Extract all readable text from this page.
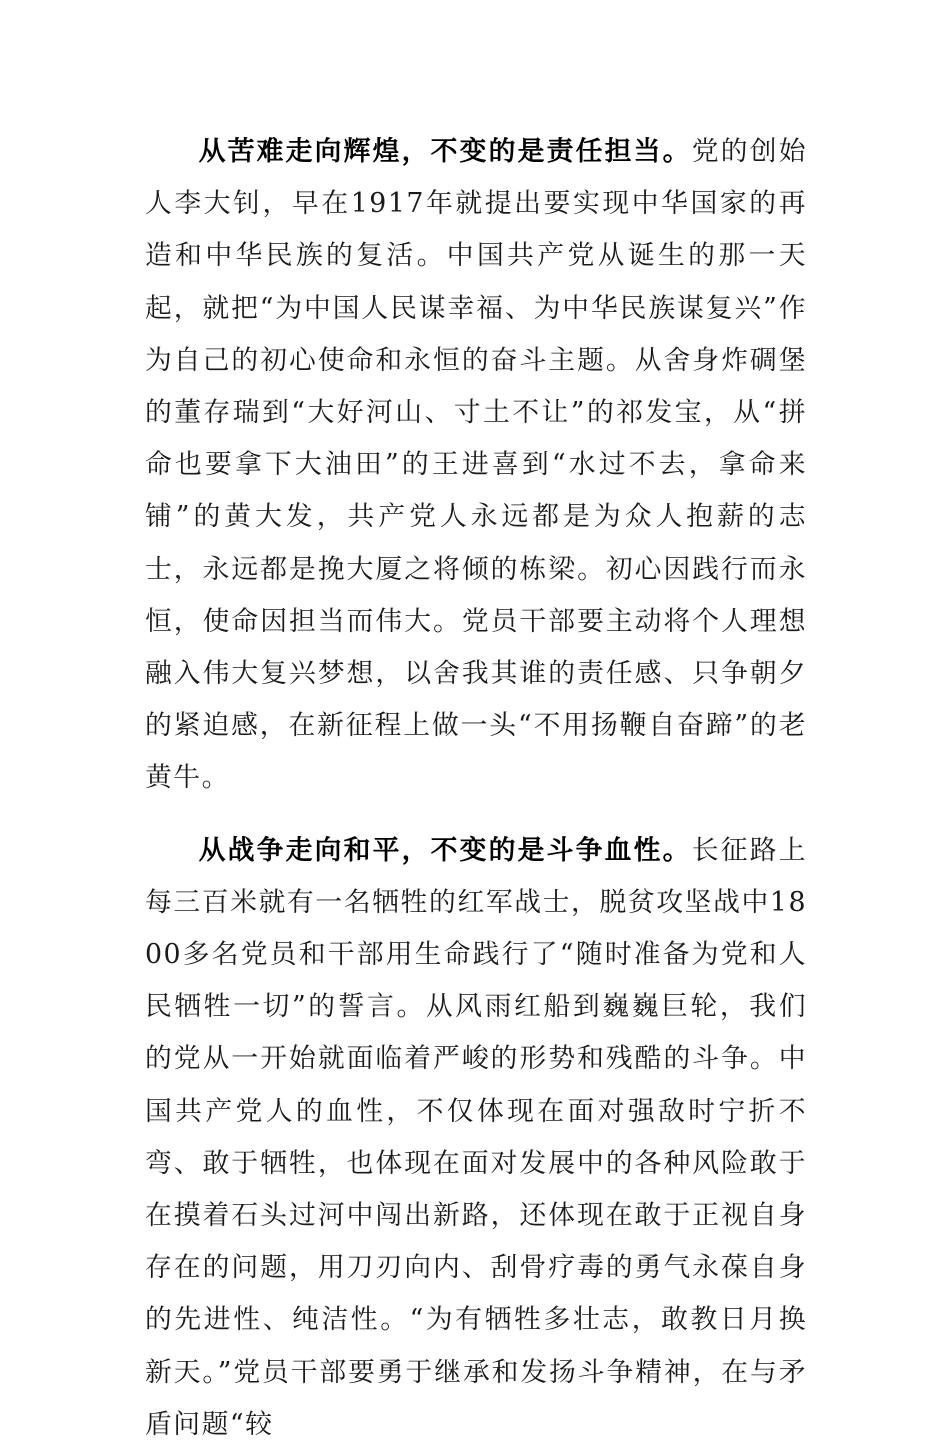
从苦难走向辉煌，不变的是责任担当。党的创始人李大钊，早在1917年就提出要实现中华国家的再造和中华民族的复活。中国共产党从诞生的那一天起，就把“为中国人民谋幸福、为中华民族谋复兴”作为自己的初心使命和永恒的奋斗主题。从舍身炸碉堡的董存瑞到“大好河山、寸土不让”的祁发宝，从“拼命也要拿下大油田”的王进喜到“水过不去，拿命来铺”的黄大发，共产党人永远都是为众人抱薪的志士，永远都是挽大厦之将倾的栋梁。初心因践行而永恒，使命因担当而伟大。党员干部要主动将个人理想融入伟大复兴梦想，以舍我其谁的责任感、只争朝夕的紧迫感，在新征程上做一头“不用扬鞭自奋蹄”的老黄牛。

从战争走向和平，不变的是斗争血性。长征路上每三百米就有一名牺牲的红军战士，脱贫攻坚战中1800多名党员和干部用生命践行了“随时准备为党和人民牺牲一切”的誓言。从风雨红船到巍巍巨轮，我们的党从一开始就面临着严峻的形势和残酷的斗争。中国共产党人的血性，不仅体现在面对强敌时宁折不弯、敢于牺牲，也体现在面对发展中的各种风险敢于在摸着石头过河中闯出新路，还体现在敢于正视自身存在的问题，用刀刃向内、刮骨疗毒的勇气永葆自身的先进性、纯洁性。“为有牺牲多壮志，敢教日月换新天。”党员干部要勇于继承和发扬斗争精神，在与矛盾问题“较
